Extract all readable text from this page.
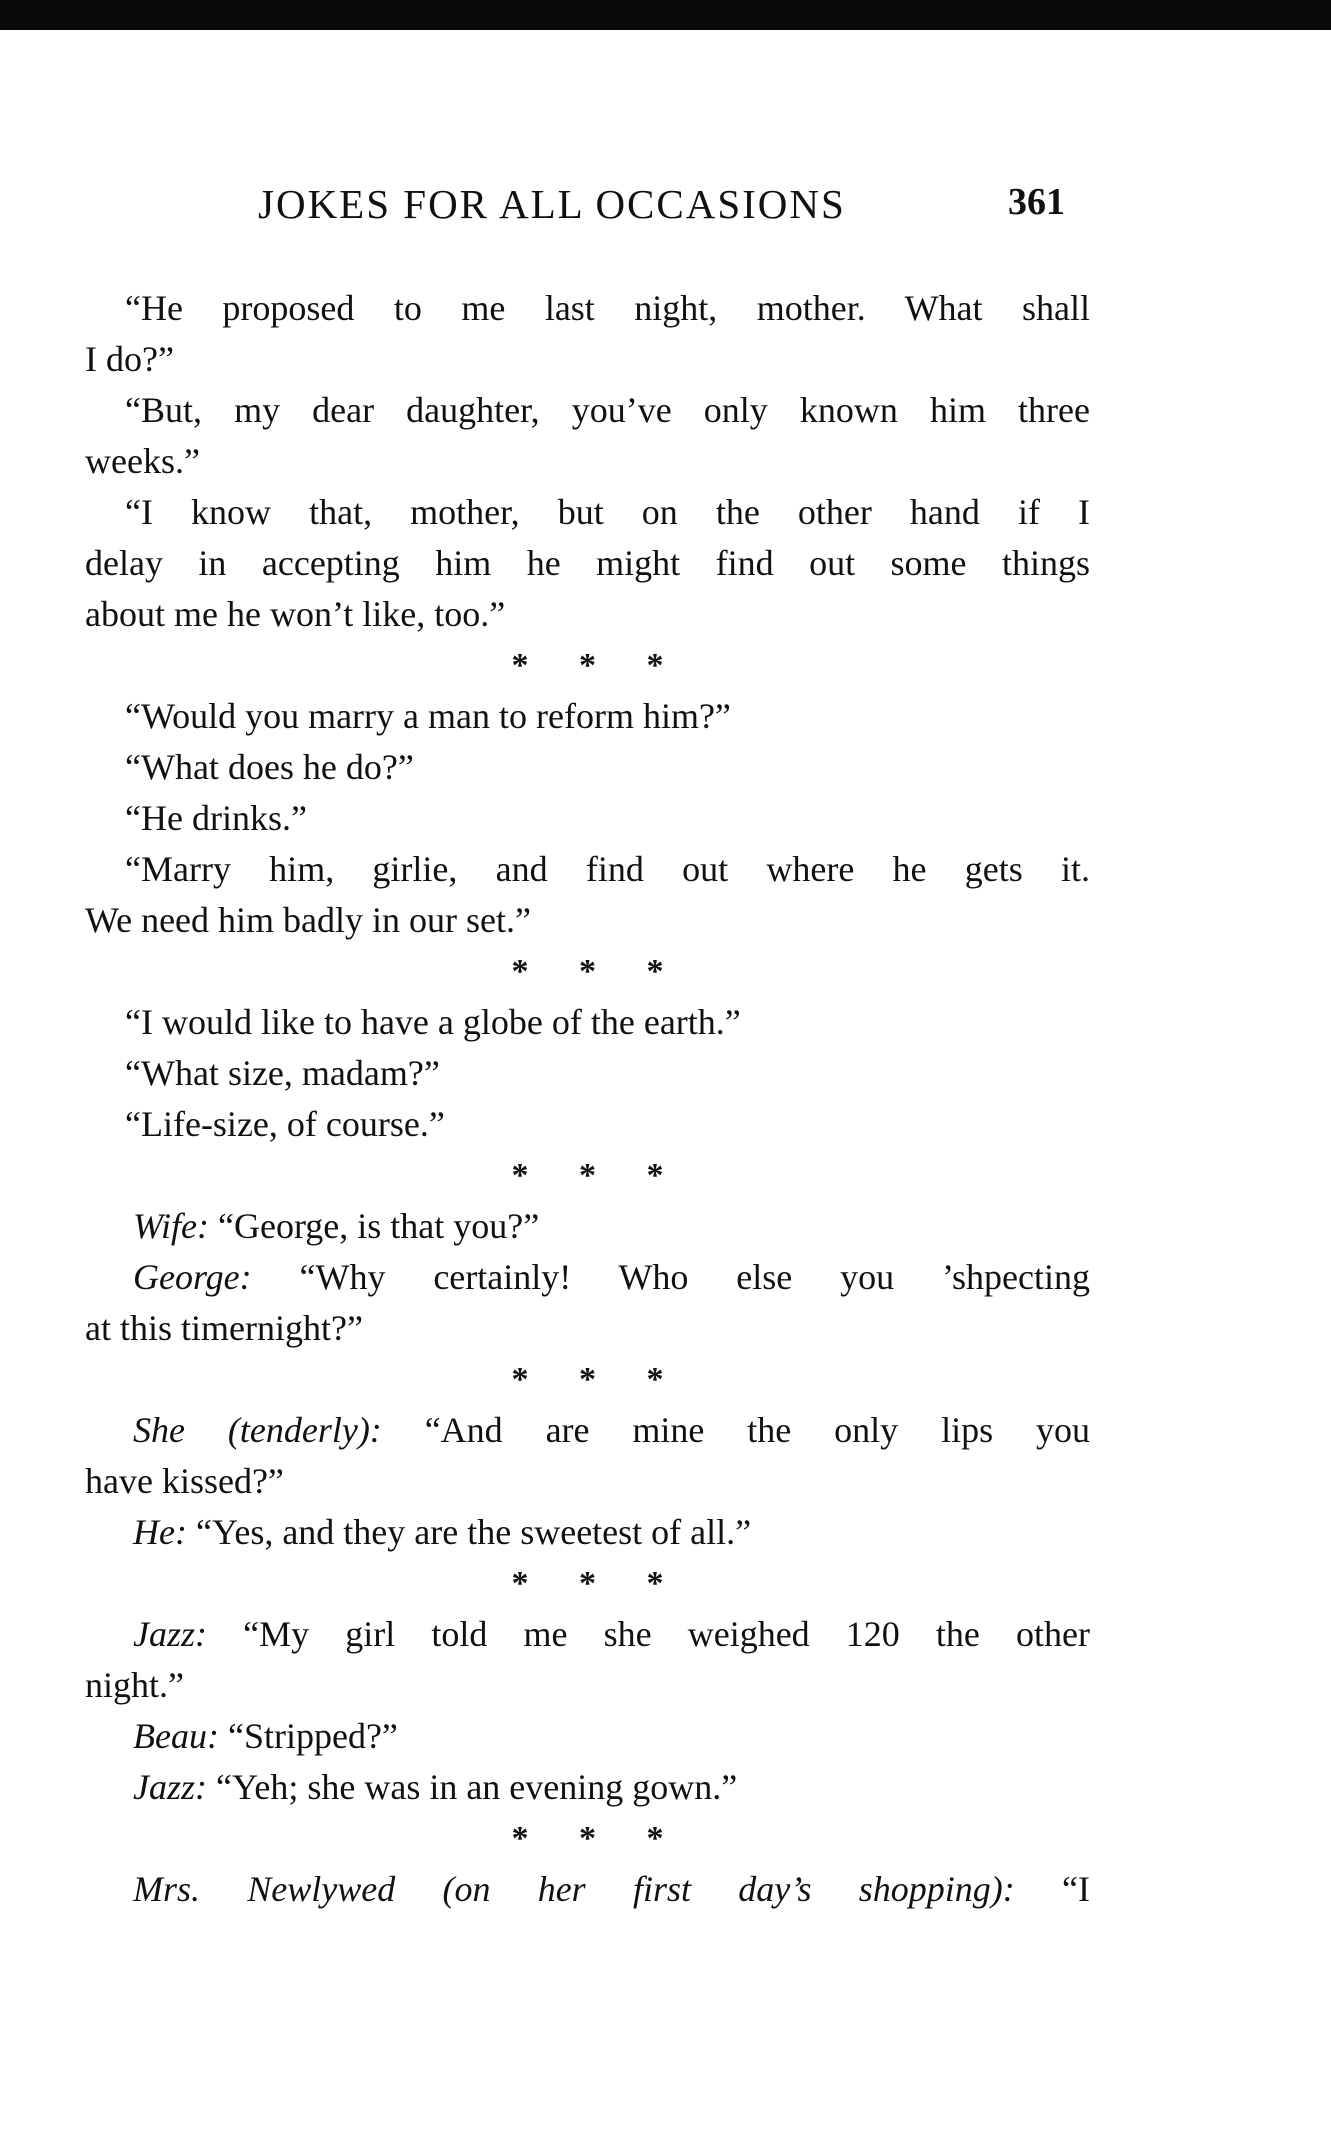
JOKES FOR ALL OCCASIONS	361
“He proposed to me last night, mother. What shall
I do?”
“But, my dear daughter, you’ve only known him three
weeks.”
“I know that, mother, but on the other hand if I
delay in accepting him he might find out some things
about me he won’t like, too.”
* * *
“Would you marry a man to reform him?”
“What does he do?”
“He drinks.”
“Marry him, girlie, and find out where he gets it.
We need him badly in our set.”
* * *
“I would like to have a globe of the earth.”
“What size, madam?”
“Life-size, of course.”
* * *
Wife: “George, is that you?”
George: “Why certainly! Who else you ’shpecting
at this timernight?”
* * *
She (tenderly): “And are mine the only lips you
have kissed?”
He: “Yes, and they are the sweetest of all.”
* * *
Jazz: “My girl told me she weighed 120 the other
night.”
Beau: “Stripped?”
Jazz: “Yeh; she was in an evening gown.”
* * *
Mrs. Newlywed (on her first day’s shopping): “I
